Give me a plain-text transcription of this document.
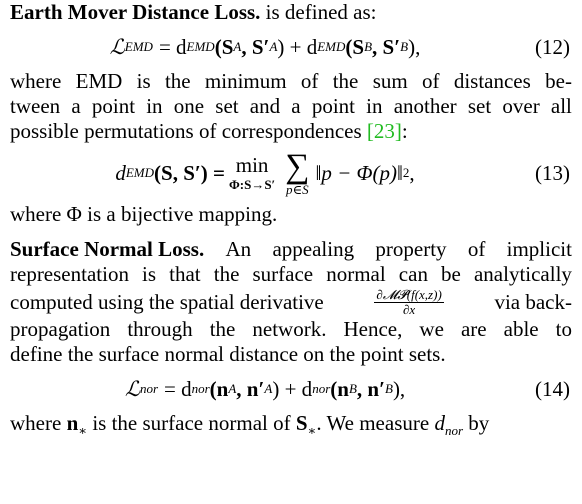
Earth Mover Distance Loss. is defined as:

ℒ EMD = d EMD (S A , S′ A ) + d EMD (S B , S′ B ),	(12)
where EMD is the minimum of the sum of distances be-
tween a point in one set and a point in another set over all

possible permutations of correspondences [23]:

d EMD (S, S′) = min
Φ:S→S′ ∑
p∈S
‖p − Φ(p)‖ 2 ,	(13)

where Φ is a bijective mapping.

Surface Normal Loss. An appealing property of implicit
representation is that the surface normal can be analytically
computed using the spatial derivative	$\frac{\text{∂𝓜𝓟(f(x,z))}}{\partial x}$ via back-
propagation through the network. Hence, we are able to

define the surface normal distance on the point sets.

ℒ nor = d nor (n A , n′ A ) + d nor (n B , n′ B ),	(14)

where $n_∗$ is the surface normal of $S_∗$. We measure $d_{nor}$ by
